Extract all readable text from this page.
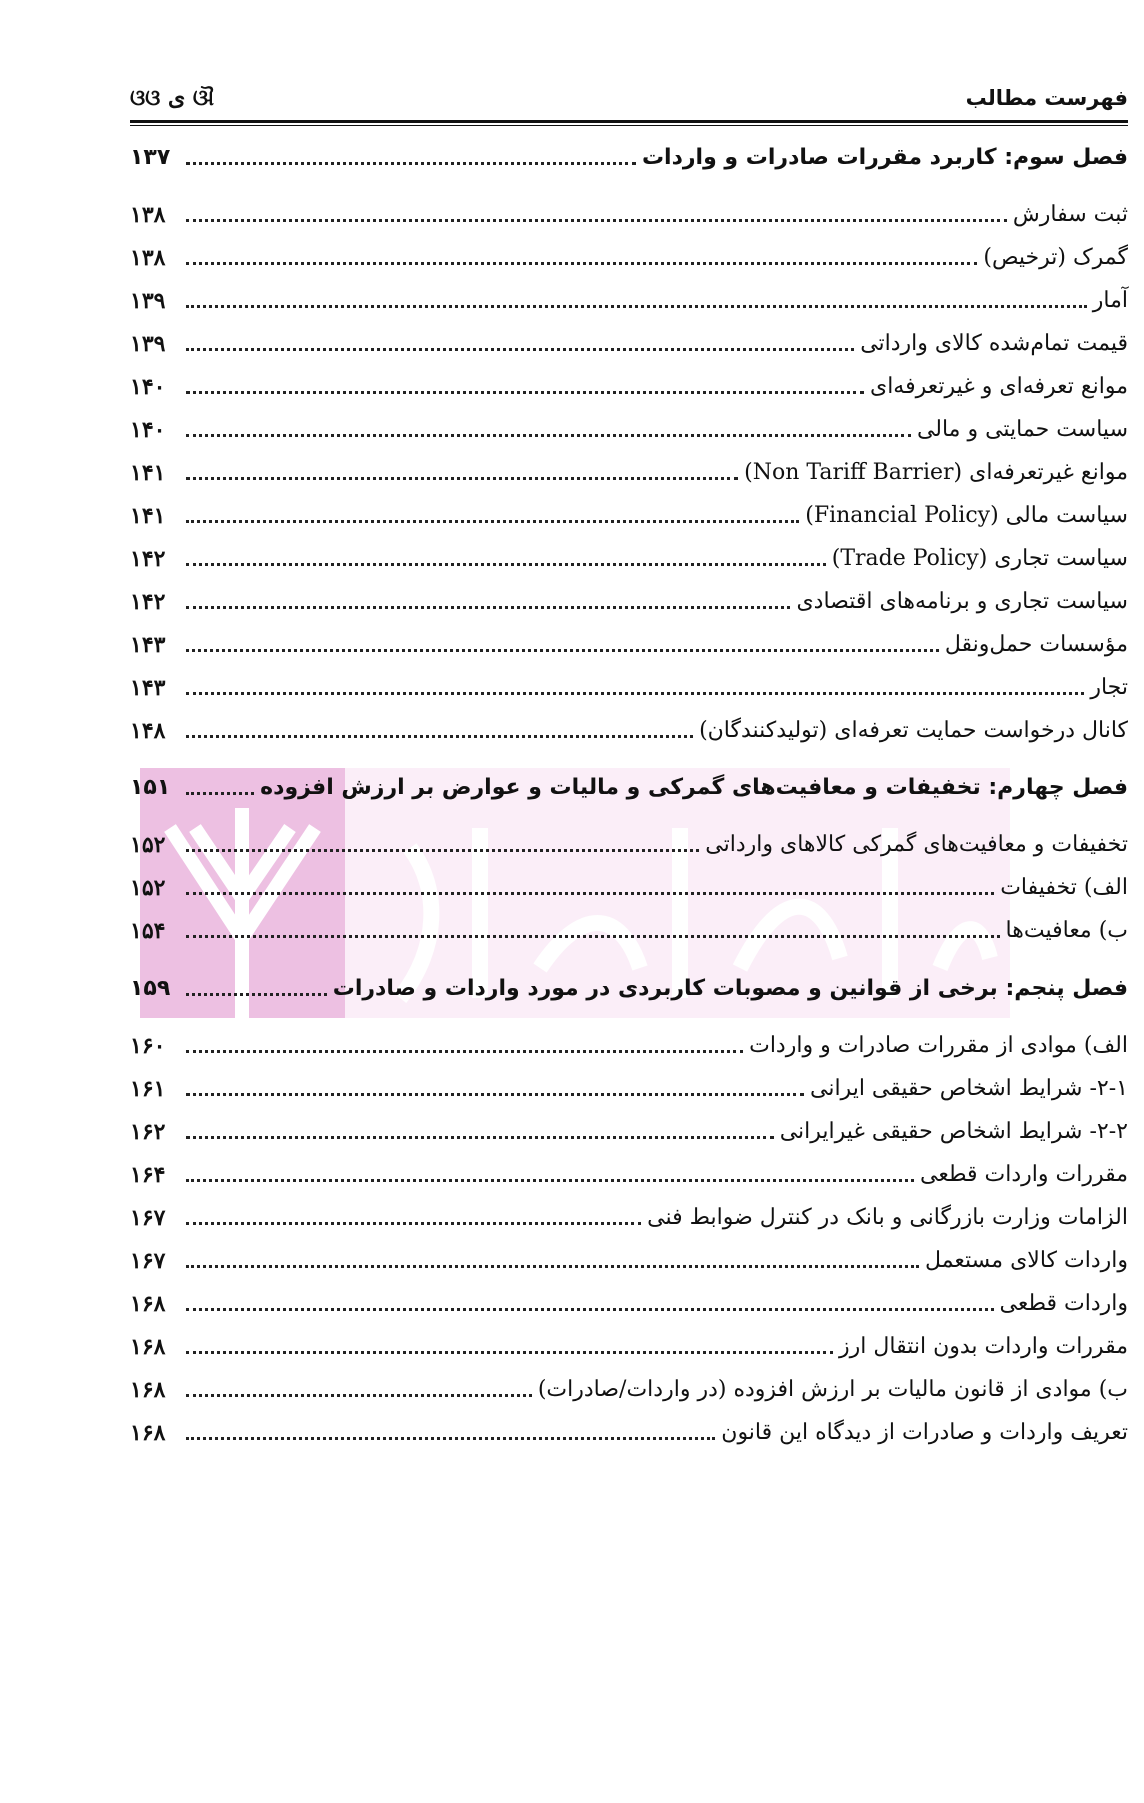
فهرست مطالب
ଓଓ ى ଔ
فصل سوم: کاربرد مقررات صادرات و واردات
۱۳۷
ثبت سفارش
۱۳۸
گمرک (ترخیص)
۱۳۸
آمار
۱۳۹
قیمت تمام‌شده کالای وارداتی
۱۳۹
موانع تعرفه‌ای و غیرتعرفه‌ای
۱۴۰
سیاست حمایتی و مالی
۱۴۰
موانع غیرتعرفه‌ای (Non Tariff Barrier)
۱۴۱
سیاست مالی (Financial Policy)
۱۴۱
سیاست تجاری (Trade Policy)
۱۴۲
سیاست تجاری و برنامه‌های اقتصادی
۱۴۲
مؤسسات حمل‌ونقل
۱۴۳
تجار
۱۴۳
کانال درخواست حمایت تعرفه‌ای (تولیدکنندگان)
۱۴۸
فصل چهارم: تخفیفات و معافیت‌های گمرکی و مالیات و عوارض بر ارزش افزوده
۱۵۱
تخفیفات و معافیت‌های گمرکی کالاهای وارداتی
۱۵۲
الف) تخفیفات
۱۵۲
ب) معافیت‌ها
۱۵۴
فصل پنجم: برخی از قوانین و مصوبات کاربردی در مورد واردات و صادرات
۱۵۹
الف) موادی از مقررات صادرات و واردات
۱۶۰
۲-۱- شرایط اشخاص حقیقی ایرانی
۱۶۱
۲-۲- شرایط اشخاص حقیقی غیرایرانی
۱۶۲
مقررات واردات قطعی
۱۶۴
الزامات وزارت بازرگانی و بانک در کنترل ضوابط فنی
۱۶۷
واردات کالای مستعمل
۱۶۷
واردات قطعی
۱۶۸
مقررات واردات بدون انتقال ارز
۱۶۸
ب) موادی از قانون مالیات بر ارزش افزوده (در واردات/صادرات)
۱۶۸
تعریف واردات و صادرات از دیدگاه این قانون
۱۶۸
